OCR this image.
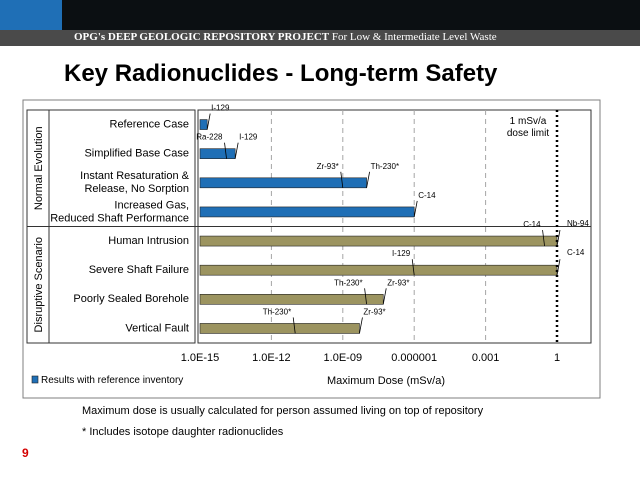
OPG's DEEP GEOLOGIC REPOSITORY PROJECT For Low & Intermediate Level Waste
Key Radionuclides - Long-term Safety
Normal Evolution
Disruptive Scenario
1.0E-15	1.0E-12	1.0E-09	0.000001	0.001	1
Reference Case
I-129
Simplified Base Case
Ra-228 I-129
Instant Resaturation &
Release, No Sorption
Zr-93*	Th-230*
Increased Gas,
Reduced Shaft Performance
C-14
Human Intrusion
C-14	Nb-94
Severe Shaft Failure
I-129	C-14
Poorly Sealed Borehole
Th-230*	Zr-93*
Vertical Fault
Th-230*	Zr-93*
1 mSv/a
dose limit
Results with reference inventory	Maximum Dose (mSv/a)
Maximum dose is usually calculated for person assumed living on top of repository
* Includes isotope daughter radionuclides
9
